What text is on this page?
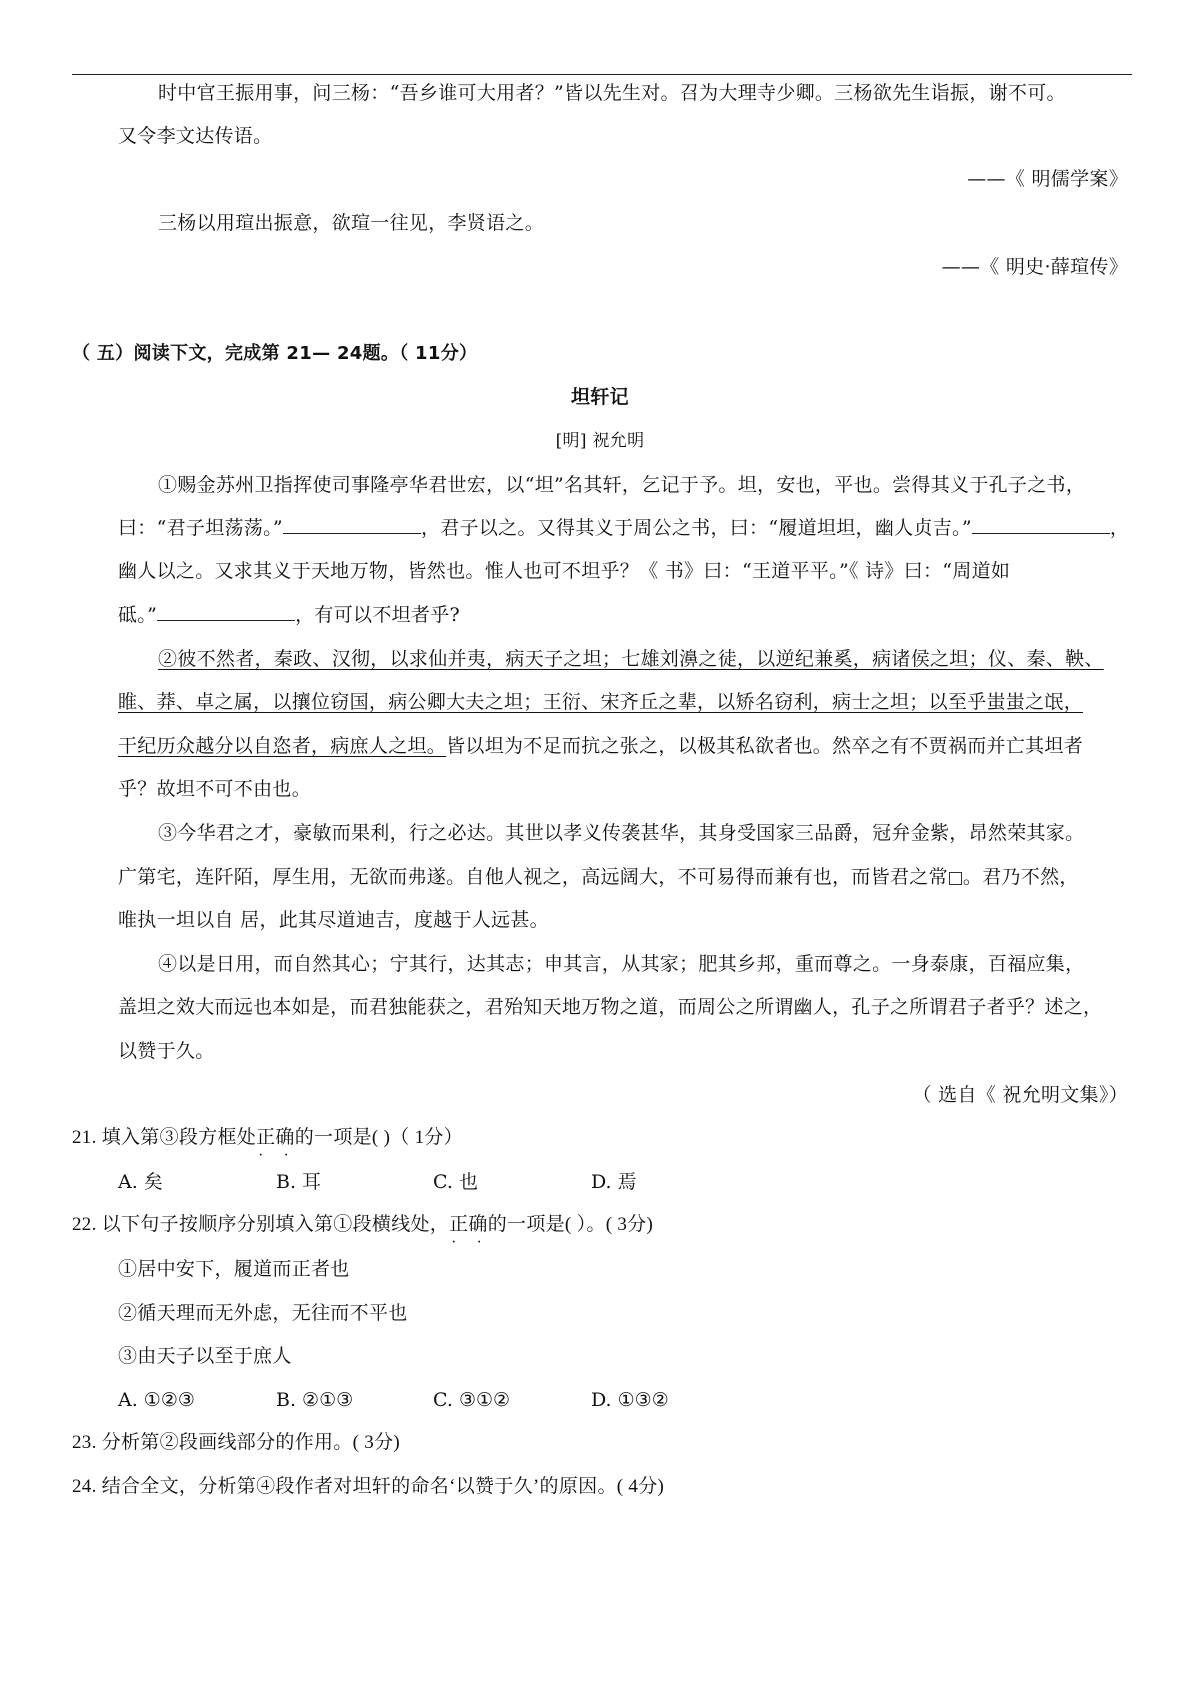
时中官王振用事，问三杨：“吾乡谁可大用者？”皆以先生对。召为大理寺少卿。三杨欲先生诣振，谢不可。
又令李文达传语。
——《 明儒学案》
三杨以用瑄出振意，欲瑄一往见，李贤语之。
——《 明史·薛瑄传》
（ 五）阅读下文，完成第 21— 24题。（ 11分）
坦轩记
[明] 祝允明
①赐金苏州卫指挥使司事隆亭华君世宏，以“坦”名其轩，乞记于予。坦，安也，平也。尝得其义于孔子之书，
曰：“君子坦荡荡。”	，君子以之。又得其义于周公之书，曰：“履道坦坦，幽人贞吉。”	，
幽人以之。又求其义于天地万物，皆然也。惟人也可不坦乎？《 书》曰：“王道平平。”《 诗》曰：“周道如
砥。”	，有可以不坦者乎?
②彼不然者，秦政、汉彻，以求仙并夷，病天子之坦；七雄刘濞之徒，以逆纪兼奚，病诸侯之坦；仪、秦、鞅、
睢、莽、卓之属，以攘位窃国，病公卿大夫之坦；王衍、宋齐丘之辈，以矫名窃利，病士之坦；以至乎蚩蚩之氓，
干纪历众越分以自恣者，病庶人之坦。皆以坦为不足而抗之张之，以极其私欲者也。然卒之有不贾祸而并亡其坦者
乎？故坦不可不由也。
③今华君之才，豪敏而果利，行之必达。其世以孝义传袭甚华，其身受国家三品爵，冠弁金紫，昂然荣其家。
广第宅，连阡陌，厚生用，无欲而弗遂。自他人视之，高远阔大，不可易得而兼有也，而皆君之常 。君乃不然，
唯执一坦以自 居，此其尽道迪吉，度越于人远甚。
④以是日用，而自然其心；宁其行，达其志；申其言，从其家；肥其乡邦，重而尊之。一身泰康，百福应集，
盖坦之效大而远也本如是，而君独能获之，君殆知天地万物之道，而周公之所谓幽人，孔子之所谓君子者乎？述之，
以赞于久。
（ 选自《 祝允明文集》）
21. 填入第③段方框处正确 · ·的一项是( )（ 1分）
A. 矣	B. 耳	C. 也	D. 焉
22. 以下句子按顺序分别填入第①段横线处，正确 · ·的一项是( ）。( 3分)
①居中安下，履道而正者也
②循天理而无外虑，无往而不平也
③由天子以至于庶人
A. ①②③	B. ②①③	C. ③①②	D. ①③②
23. 分析第②段画线部分的作用。( 3分)
24. 结合全文，分析第④段作者对坦轩的命名‘以赞于久’的原因。( 4分)
